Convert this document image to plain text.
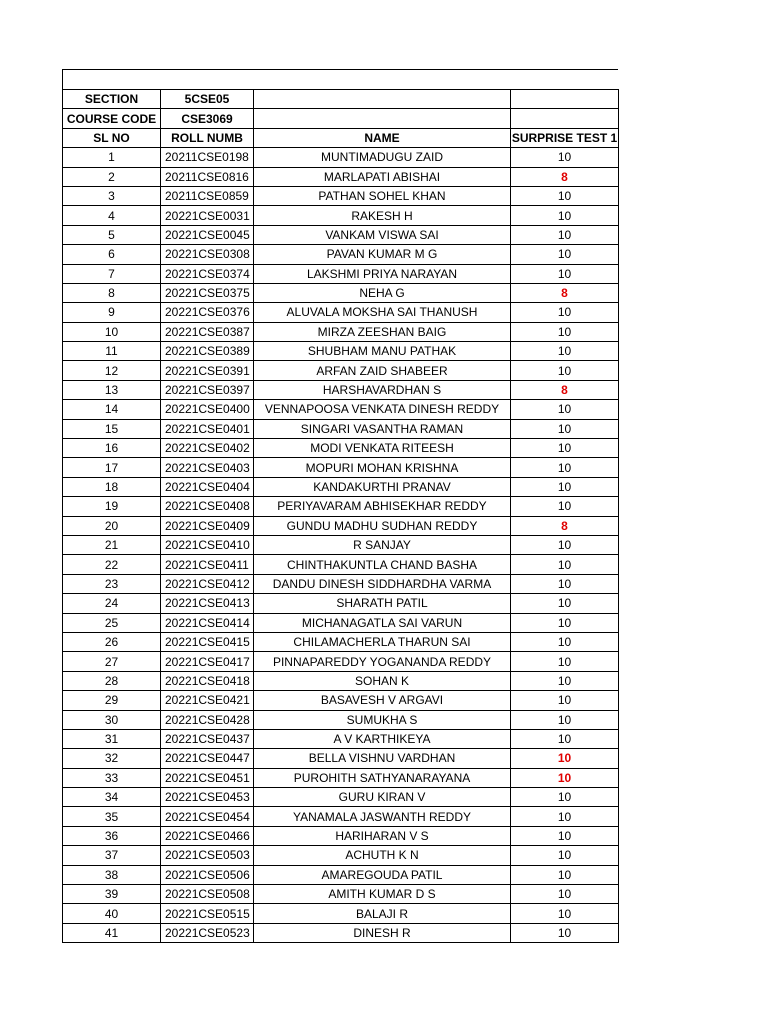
SECTION	5CSE05		
COURSE CODE	CSE3069		
SL NO	ROLL NUMB	NAME	SURPRISE TEST 1
1	20211CSE0198	MUNTIMADUGU ZAID	10
2	20211CSE0816	MARLAPATI ABISHAI	8
3	20211CSE0859	PATHAN SOHEL KHAN	10
4	20221CSE0031	RAKESH H	10
5	20221CSE0045	VANKAM VISWA SAI	10
6	20221CSE0308	PAVAN KUMAR M G	10
7	20221CSE0374	LAKSHMI PRIYA NARAYAN	10
8	20221CSE0375	NEHA G	8
9	20221CSE0376	ALUVALA MOKSHA SAI THANUSH	10
10	20221CSE0387	MIRZA ZEESHAN BAIG	10
11	20221CSE0389	SHUBHAM MANU PATHAK	10
12	20221CSE0391	ARFAN ZAID SHABEER	10
13	20221CSE0397	HARSHAVARDHAN S	8
14	20221CSE0400	VENNAPOOSA VENKATA DINESH REDDY	10
15	20221CSE0401	SINGARI VASANTHA RAMAN	10
16	20221CSE0402	MODI VENKATA RITEESH	10
17	20221CSE0403	MOPURI MOHAN KRISHNA	10
18	20221CSE0404	KANDAKURTHI PRANAV	10
19	20221CSE0408	PERIYAVARAM ABHISEKHAR REDDY	10
20	20221CSE0409	GUNDU MADHU SUDHAN REDDY	8
21	20221CSE0410	R SANJAY	10
22	20221CSE0411	CHINTHAKUNTLA CHAND BASHA	10
23	20221CSE0412	DANDU DINESH SIDDHARDHA VARMA	10
24	20221CSE0413	SHARATH PATIL	10
25	20221CSE0414	MICHANAGATLA SAI VARUN	10
26	20221CSE0415	CHILAMACHERLA THARUN SAI	10
27	20221CSE0417	PINNAPAREDDY YOGANANDA REDDY	10
28	20221CSE0418	SOHAN K	10
29	20221CSE0421	BASAVESH V ARGAVI	10
30	20221CSE0428	SUMUKHA S	10
31	20221CSE0437	A V KARTHIKEYA	10
32	20221CSE0447	BELLA VISHNU VARDHAN	10
33	20221CSE0451	PUROHITH SATHYANARAYANA	10
34	20221CSE0453	GURU KIRAN V	10
35	20221CSE0454	YANAMALA JASWANTH REDDY	10
36	20221CSE0466	HARIHARAN V S	10
37	20221CSE0503	ACHUTH K N	10
38	20221CSE0506	AMAREGOUDA PATIL	10
39	20221CSE0508	AMITH KUMAR D S	10
40	20221CSE0515	BALAJI R	10
41	20221CSE0523	DINESH R	10
